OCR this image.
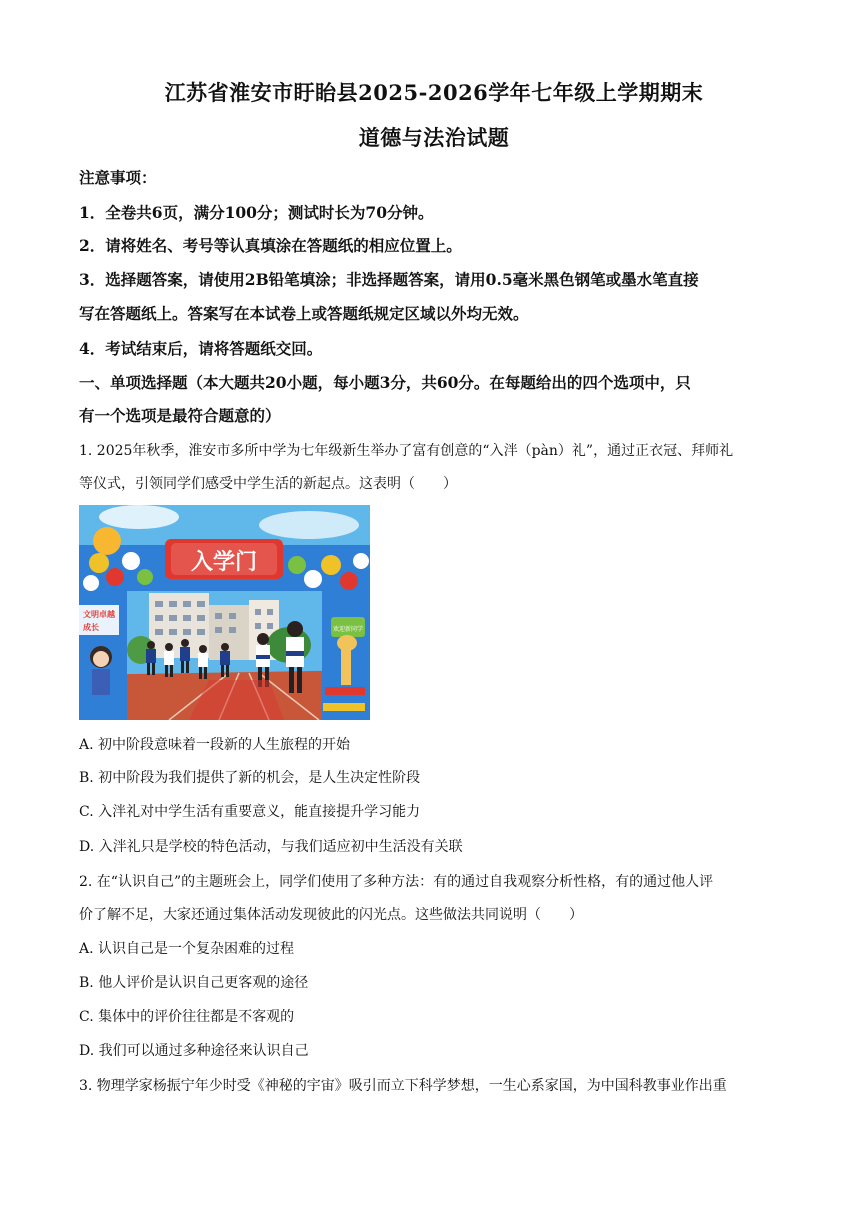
江苏省淮安市盱眙县2025-2026学年七年级上学期期末
道德与法治试题
注意事项：
1．全卷共6页，满分100分；测试时长为70分钟。
2．请将姓名、考号等认真填涂在答题纸的相应位置上。
3．选择题答案，请使用2B铅笔填涂；非选择题答案，请用0.5毫米黑色钢笔或墨水笔直接
写在答题纸上。答案写在本试卷上或答题纸规定区域以外均无效。
4．考试结束后，请将答题纸交回。
一、单项选择题（本大题共20小题，每小题3分，共60分。在每题给出的四个选项中，只
有一个选项是最符合题意的）
1. 2025年秋季，淮安市多所中学为七年级新生举办了富有创意的“入泮（pàn）礼”，通过正衣冠、拜师礼
等仪式，引领同学们感受中学生活的新起点。这表明（　　）
入学门
文明卓越
成长	欢迎新同学
A. 初中阶段意味着一段新的人生旅程的开始
B. 初中阶段为我们提供了新的机会，是人生决定性阶段
C. 入泮礼对中学生活有重要意义，能直接提升学习能力
D. 入泮礼只是学校的特色活动，与我们适应初中生活没有关联
2. 在“认识自己”的主题班会上，同学们使用了多种方法：有的通过自我观察分析性格，有的通过他人评
价了解不足，大家还通过集体活动发现彼此的闪光点。这些做法共同说明（　　）
A. 认识自己是一个复杂困难的过程
B. 他人评价是认识自己更客观的途径
C. 集体中的评价往往都是不客观的
D. 我们可以通过多种途径来认识自己
3. 物理学家杨振宁年少时受《神秘的宇宙》吸引而立下科学梦想，一生心系家国，为中国科教事业作出重
